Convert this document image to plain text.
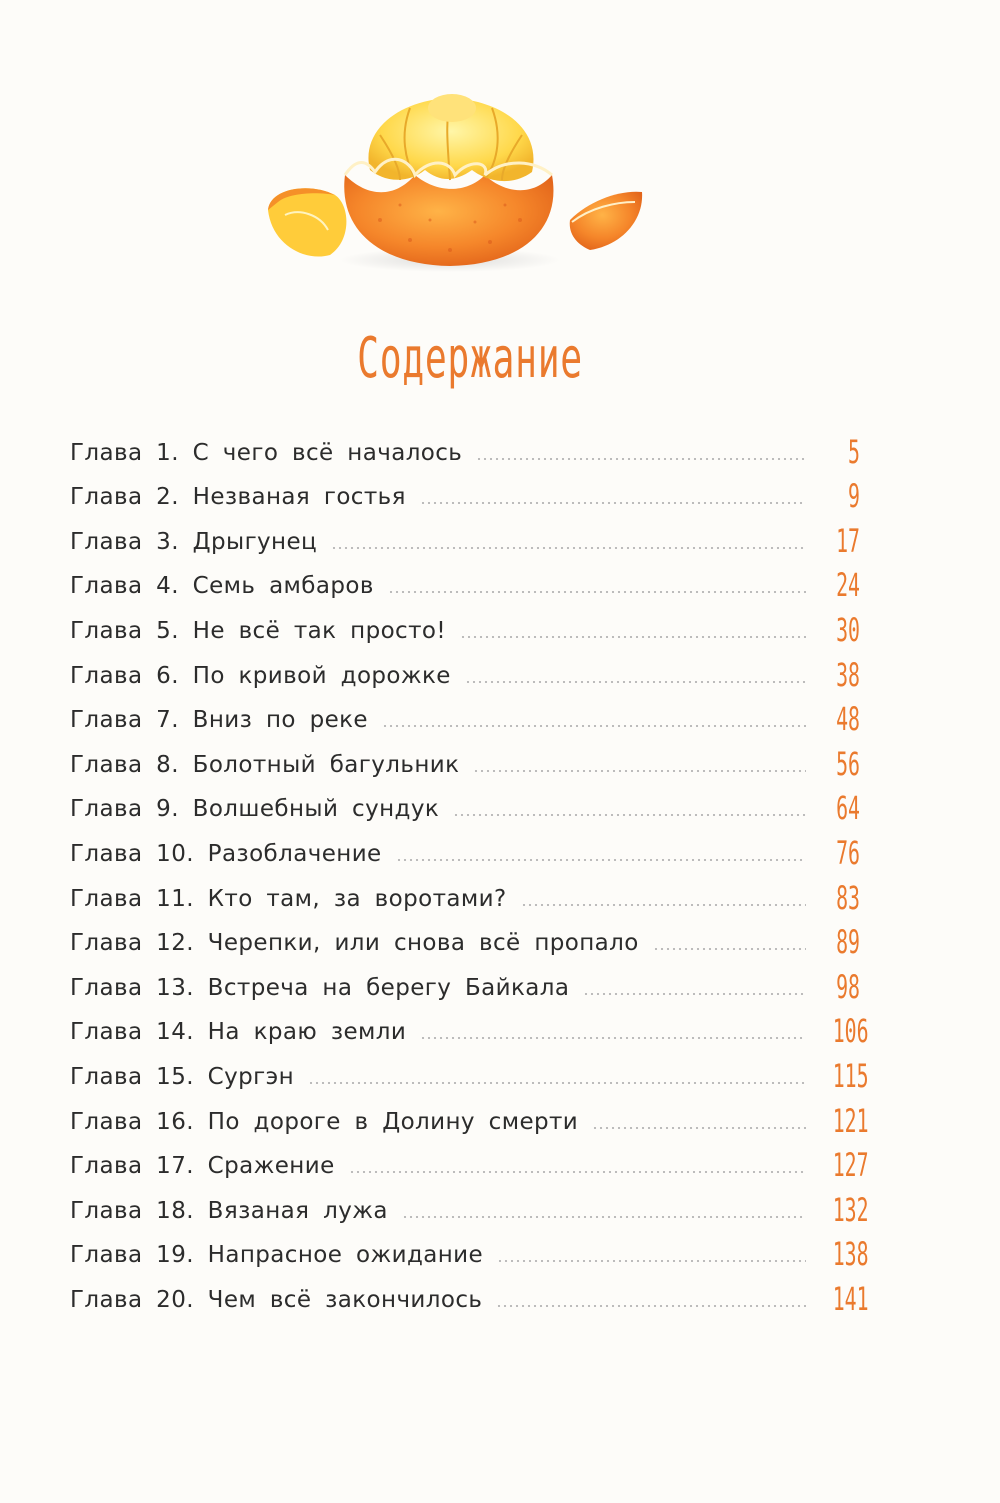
Содержание
Глава 1. С чего всё началось	5
Глава 2. Незваная гостья	9
Глава 3. Дрыгунец	17
Глава 4. Семь амбаров	24
Глава 5. Не всё так просто!	30
Глава 6. По кривой дорожке	38
Глава 7. Вниз по реке	48
Глава 8. Болотный багульник	56
Глава 9. Волшебный сундук	64
Глава 10. Разоблачение	76
Глава 11. Кто там, за воротами?	83
Глава 12. Черепки, или снова всё пропало	89
Глава 13. Встреча на берегу Байкала	98
Глава 14. На краю земли	106
Глава 15. Сургэн	115
Глава 16. По дороге в Долину смерти	121
Глава 17. Сражение	127
Глава 18. Вязаная лужа	132
Глава 19. Напрасное ожидание	138
Глава 20. Чем всё закончилось	141
